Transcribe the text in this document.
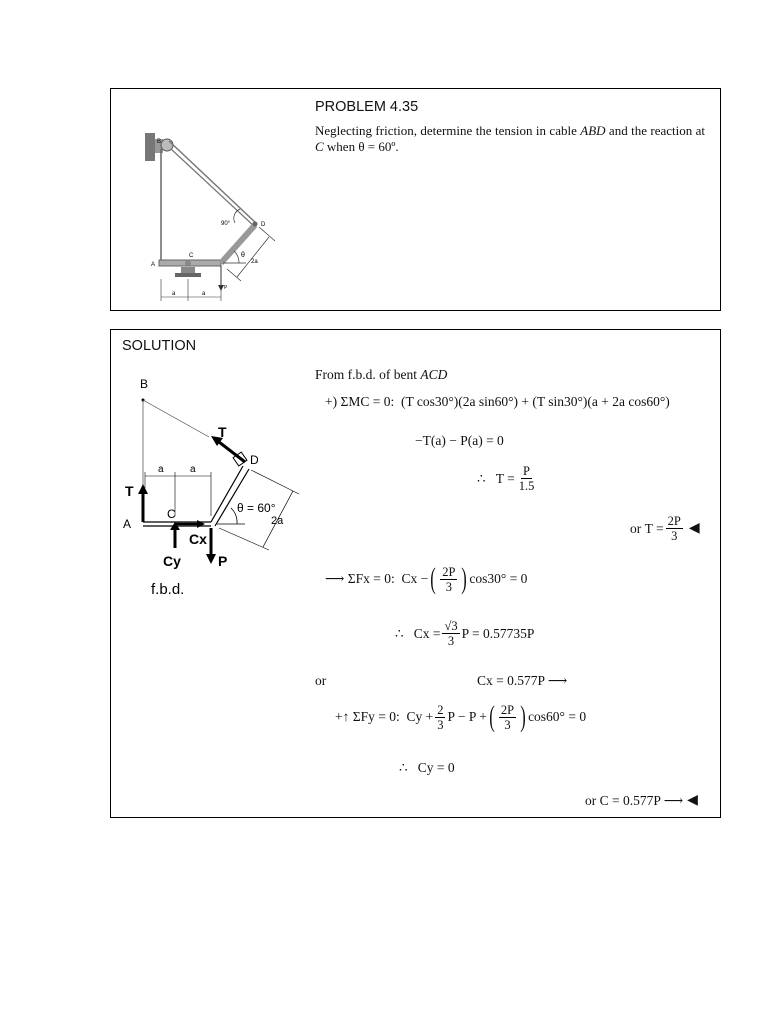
B
D
A
C
90°
θ
2a
P
a	a
PROBLEM 4.35
Neglecting friction, determine the tension in cable ABD and the reaction at C when θ = 60º.
SOLUTION
B
T
D
T
A
a	a
C
Cy
Cx
P
θ = 60°
2a
f.b.d.
From f.b.d. of bent ACD
+) ΣMC = 0:  (T cos30°)(2a sin60°) + (T sin30°)(a + 2a cos60°)
−T(a) − P(a) = 0
∴
$T = \frac{P}{1.5}$
or
$T = \frac{2P}{3}$ ◀
⟶ ΣFx = 0:  Cx − ( $\frac{2P}{3}$ ) cos30° = 0
∴
$Cx = \frac{√3}{3}$ P = 0.57735P
or	Cx = 0.577P ⟶
+↑ ΣFy = 0:  $Cy + \frac{2}{3}$ P − P + ( $\frac{2P}{3}$ ) cos60° = 0
∴
Cy = 0
or
C = 0.577P ⟶ ◀
